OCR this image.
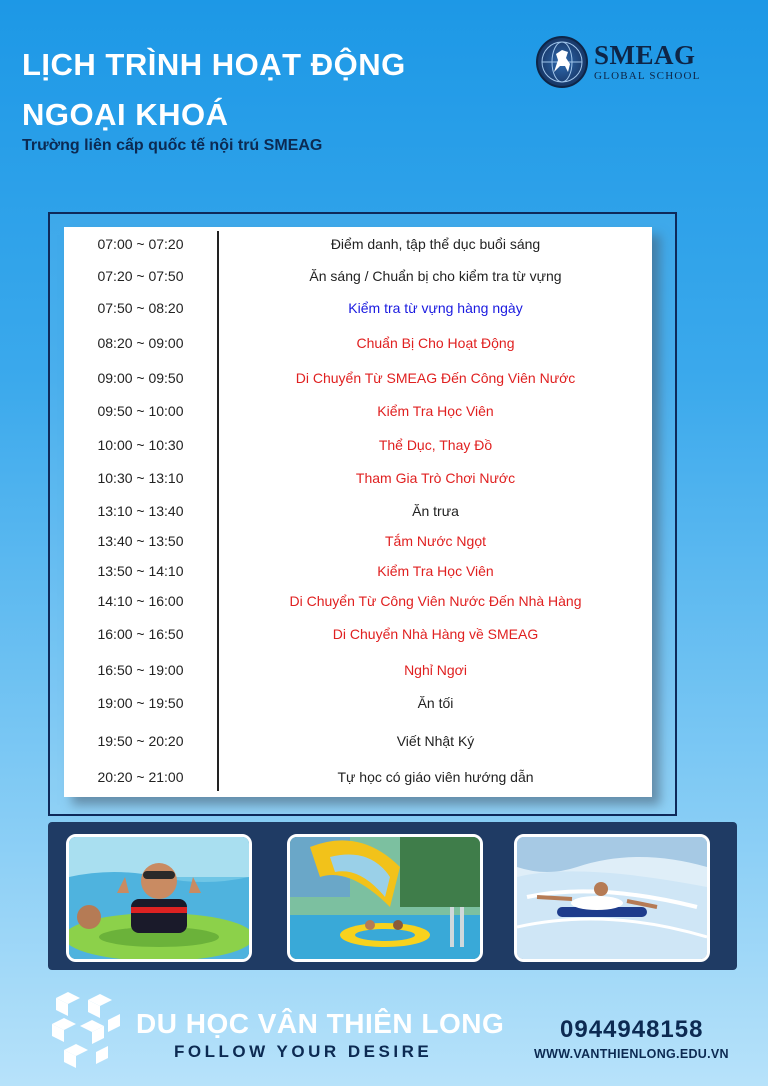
LỊCH TRÌNH HOẠT ĐỘNG
NGOẠI KHOÁ
Trường liên cấp quốc tế nội trú SMEAG
SMEAG
GLOBAL SCHOOL
07:00 ~ 07:20	Điểm danh, tập thể dục buổi sáng
07:20 ~ 07:50	Ăn sáng / Chuẩn bị cho kiểm tra từ vựng
07:50 ~ 08:20	Kiểm tra từ vựng hàng ngày
08:20 ~ 09:00	Chuẩn Bị Cho Hoạt Động
09:00 ~ 09:50	Di Chuyển Từ SMEAG Đến Công Viên Nước
09:50 ~ 10:00	Kiểm Tra Học Viên
10:00 ~ 10:30	Thể Dục, Thay Đồ
10:30 ~ 13:10	Tham Gia Trò Chơi Nước
13:10 ~ 13:40	Ăn trưa
13:40 ~ 13:50	Tắm Nước Ngọt
13:50 ~ 14:10	Kiểm Tra Học Viên
14:10 ~ 16:00	Di Chuyển Từ Công Viên Nước Đến Nhà Hàng
16:00 ~ 16:50	Di Chuyển Nhà Hàng về SMEAG
16:50 ~ 19:00	Nghỉ Ngơi
19:00 ~ 19:50	Ăn tối
19:50 ~ 20:20	Viết Nhật Ký
20:20 ~ 21:00	Tự học có giáo viên hướng dẫn
DU HỌC VÂN THIÊN LONG
FOLLOW YOUR DESIRE
0944948158
WWW.VANTHIENLONG.EDU.VN
